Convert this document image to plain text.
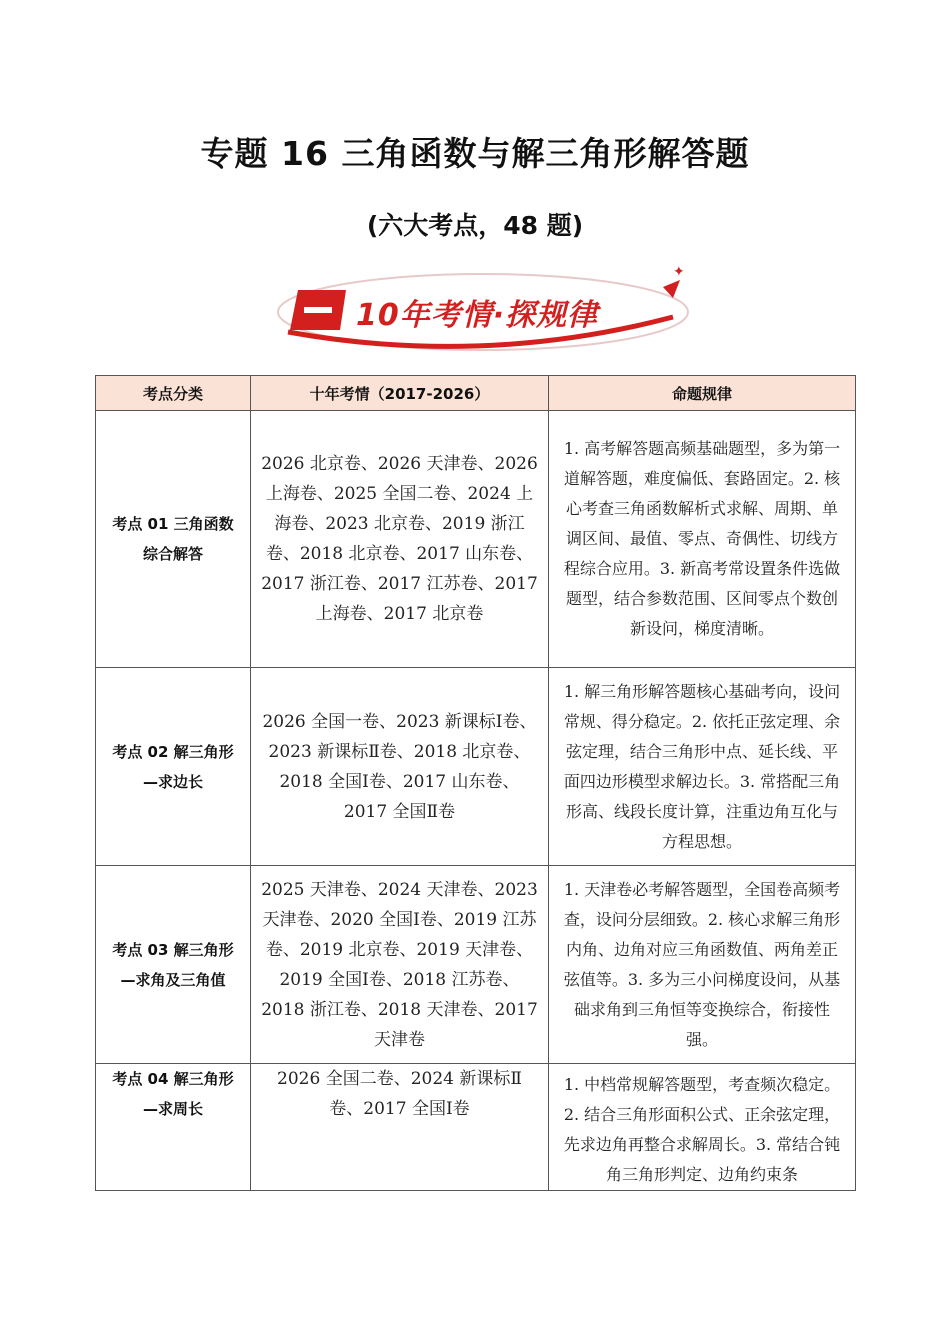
专题 16 三角函数与解三角形解答题
(六大考点，48 题)
✦
10年考情·探规律
考点分类	十年考情（2017-2026）	命题规律
考点 01 三角函数综合解答	2026 北京卷、2026 天津卷、2026 上海卷、2025 全国二卷、2024 上海卷、2023 北京卷、2019 浙江卷、2018 北京卷、2017 山东卷、2017 浙江卷、2017 江苏卷、2017 上海卷、2017 北京卷	1. 高考解答题高频基础题型，多为第一道解答题，难度偏低、套路固定。2. 核心考查三角函数解析式求解、周期、单调区间、最值、零点、奇偶性、切线方程综合应用。3. 新高考常设置条件选做题型，结合参数范围、区间零点个数创新设问，梯度清晰。
考点 02 解三角形—求边长	2026 全国一卷、2023 新课标Ⅰ卷、2023 新课标Ⅱ卷、2018 北京卷、2018 全国Ⅰ卷、2017 山东卷、2017 全国Ⅱ卷	1. 解三角形解答题核心基础考向，设问常规、得分稳定。2. 依托正弦定理、余弦定理，结合三角形中点、延长线、平面四边形模型求解边长。3. 常搭配三角形高、线段长度计算，注重边角互化与方程思想。
考点 03 解三角形—求角及三角值	2025 天津卷、2024 天津卷、2023 天津卷、2020 全国Ⅰ卷、2019 江苏卷、2019 北京卷、2019 天津卷、2019 全国Ⅰ卷、2018 江苏卷、2018 浙江卷、2018 天津卷、2017 天津卷	1. 天津卷必考解答题型，全国卷高频考查，设问分层细致。2. 核心求解三角形内角、边角对应三角函数值、两角差正弦值等。3. 多为三小问梯度设问，从基础求角到三角恒等变换综合，衔接性强。
考点 04 解三角形—求周长	2026 全国二卷、2024 新课标Ⅱ卷、2017 全国Ⅰ卷	1. 中档常规解答题型，考查频次稳定。2. 结合三角形面积公式、正余弦定理，先求边角再整合求解周长。3. 常结合钝角三角形判定、边角约束条
